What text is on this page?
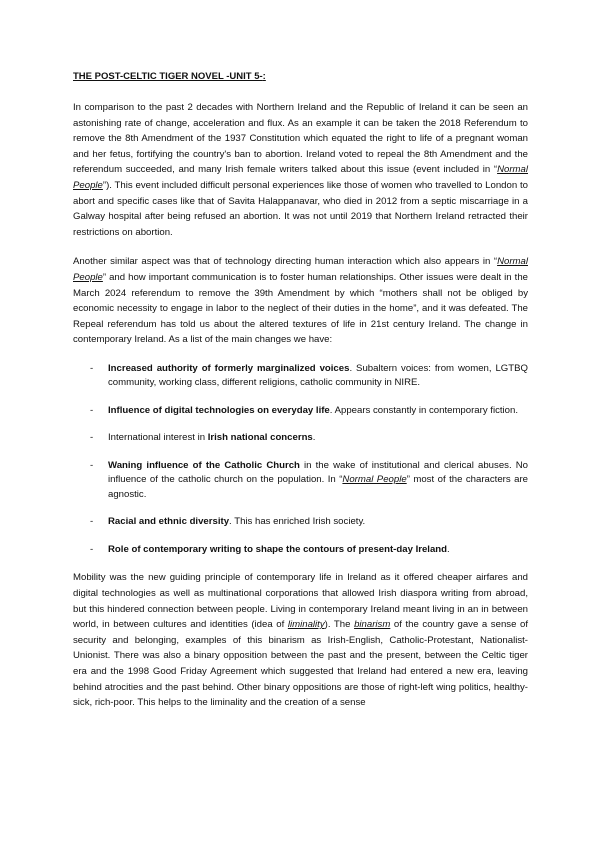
THE POST-CELTIC TIGER NOVEL -UNIT 5-:

In comparison to the past 2 decades with Northern Ireland and the Republic of Ireland it can be seen an astonishing rate of change, acceleration and flux. As an example it can be taken the 2018 Referendum to remove the 8th Amendment of the 1937 Constitution which equated the right to life of a pregnant woman and her fetus, fortifying the country's ban to abortion. Ireland voted to repeal the 8th Amendment and the referendum succeeded, and many Irish female writers talked about this issue (event included in “Normal People”). This event included difficult personal experiences like those of women who travelled to London to abort and specific cases like that of Savita Halappanavar, who died in 2012 from a septic miscarriage in a Galway hospital after being refused an abortion. It was not until 2019 that Northern Ireland retracted their restrictions on abortion.

Another similar aspect was that of technology directing human interaction which also appears in “Normal People” and how important communication is to foster human relationships. Other issues were dealt in the March 2024 referendum to remove the 39th Amendment by which “mothers shall not be obliged by economic necessity to engage in labor to the neglect of their duties in the home”, and it was defeated. The Repeal referendum has told us about the altered textures of life in 21st century Ireland. The change in contemporary Ireland. As a list of the main changes we have:

- Increased authority of formerly marginalized voices. Subaltern voices: from women, LGTBQ community, working class, different religions, catholic community in NIRE.
- Influence of digital technologies on everyday life. Appears constantly in contemporary fiction.
- International interest in Irish national concerns.
- Waning influence of the Catholic Church in the wake of institutional and clerical abuses. No influence of the catholic church on the population. In “Normal People” most of the characters are agnostic.
- Racial and ethnic diversity. This has enriched Irish society.
- Role of contemporary writing to shape the contours of present-day Ireland.

Mobility was the new guiding principle of contemporary life in Ireland as it offered cheaper airfares and digital technologies as well as multinational corporations that allowed Irish diaspora writing from abroad, but this hindered connection between people. Living in contemporary Ireland meant living in an in between world, in between cultures and identities (idea of liminality). The binarism of the country gave a sense of security and belonging, examples of this binarism as Irish-English, Catholic-Protestant, Nationalist-Unionist. There was also a binary opposition between the past and the present, between the Celtic tiger era and the 1998 Good Friday Agreement which suggested that Ireland had entered a new era, leaving behind atrocities and the past behind. Other binary oppositions are those of right-left wing politics, healthy-sick, rich-poor. This helps to the liminality and the creation of a sense
